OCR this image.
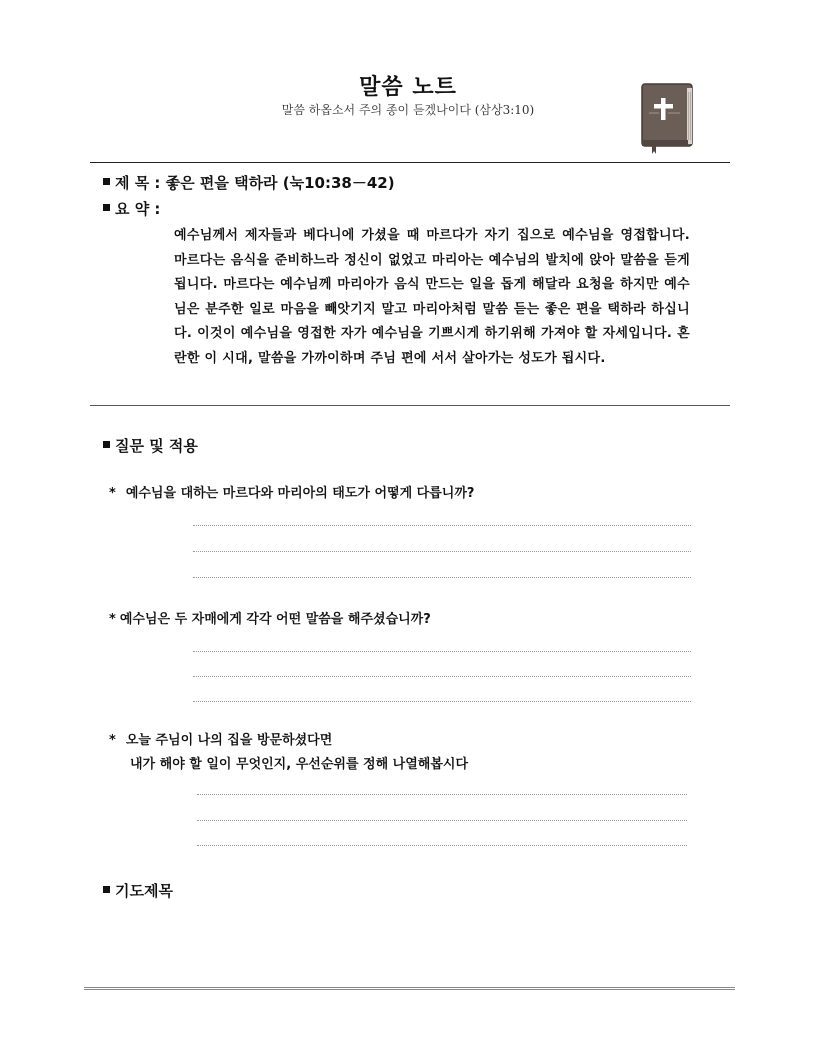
말씀 노트
말씀 하옵소서 주의 종이 듣겠나이다 (삼상3:10)
제 목 : 좋은 편을 택하라 (눅10:38－42)
요 약 :
예수님께서 제자들과 베다니에 가셨을 때 마르다가 자기 집으로 예수님을 영접합니다. 마르다는 음식을 준비하느라 정신이 없었고 마리아는 예수님의 발치에 앉아 말씀을 듣게 됩니다. 마르다는 예수님께 마리아가 음식 만드는 일을 돕게 해달라 요청을 하지만 예수님은 분주한 일로 마음을 빼앗기지 말고 마리아처럼 말씀 듣는 좋은 편을 택하라 하십니다. 이것이 예수님을 영접한 자가 예수님을 기쁘시게 하기위해 가져야 할 자세입니다. 혼란한 이 시대, 말씀을 가까이하며 주님 편에 서서 살아가는 성도가 됩시다.
질문 및 적용
* 예수님을 대하는 마르다와 마리아의 태도가 어떻게 다릅니까?
* 예수님은 두 자매에게 각각 어떤 말씀을 해주셨습니까?
* 오늘 주님이 나의 집을 방문하셨다면
내가 해야 할 일이 무엇인지, 우선순위를 정해 나열해봅시다
기도제목
